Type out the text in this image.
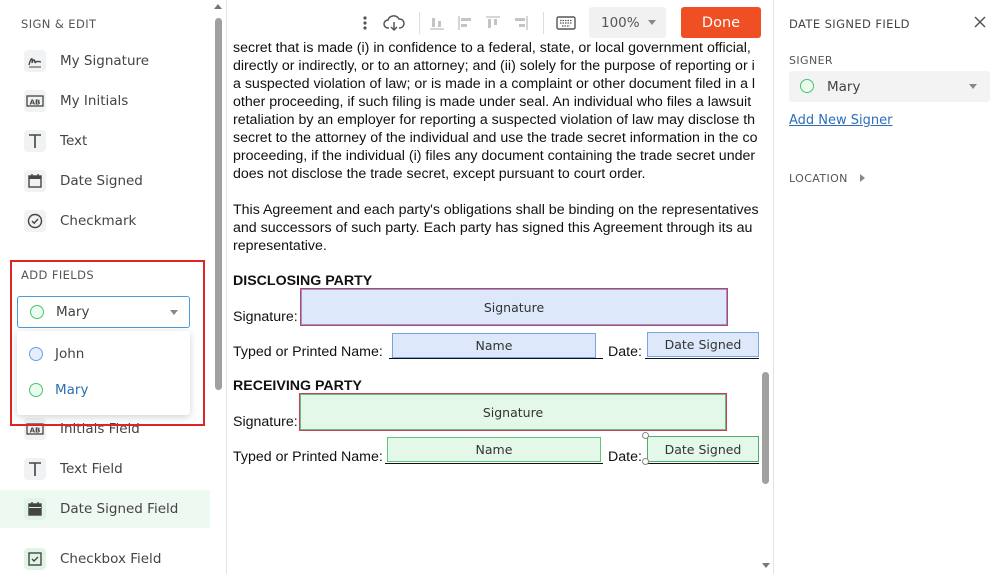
SIGN & EDIT
My Signature
AB My Initials
Text
Date Signed
Checkmark
ADD FIELDS
AB Initials Field
Text Field
Date Signed Field
Checkbox Field
Mary
John
Mary
100%	Done
secret that is made (i) in confidence to a federal, state, or local government official,
directly or indirectly, or to an attorney; and (ii) solely for the purpose of reporting or i
a suspected violation of law; or is made in a complaint or other document filed in a l
other proceeding, if such filing is made under seal. An individual who files a lawsuit
retaliation by an employer for reporting a suspected violation of law may disclose th
secret to the attorney of the individual and use the trade secret information in the co
proceeding, if the individual (i) files any document containing the trade secret under
does not disclose the trade secret, except pursuant to court order.
This Agreement and each party's obligations shall be binding on the representatives
and successors of such party. Each party has signed this Agreement through its au
representative.
DISCLOSING PARTY
Signature:
Signature
Typed or Printed Name:	Name	Date:	Date Signed
RECEIVING PARTY
Signature:
Signature
Typed or Printed Name:	Name	Date:	Date Signed
DATE SIGNED FIELD
SIGNER
Mary
Add New Signer
LOCATION
